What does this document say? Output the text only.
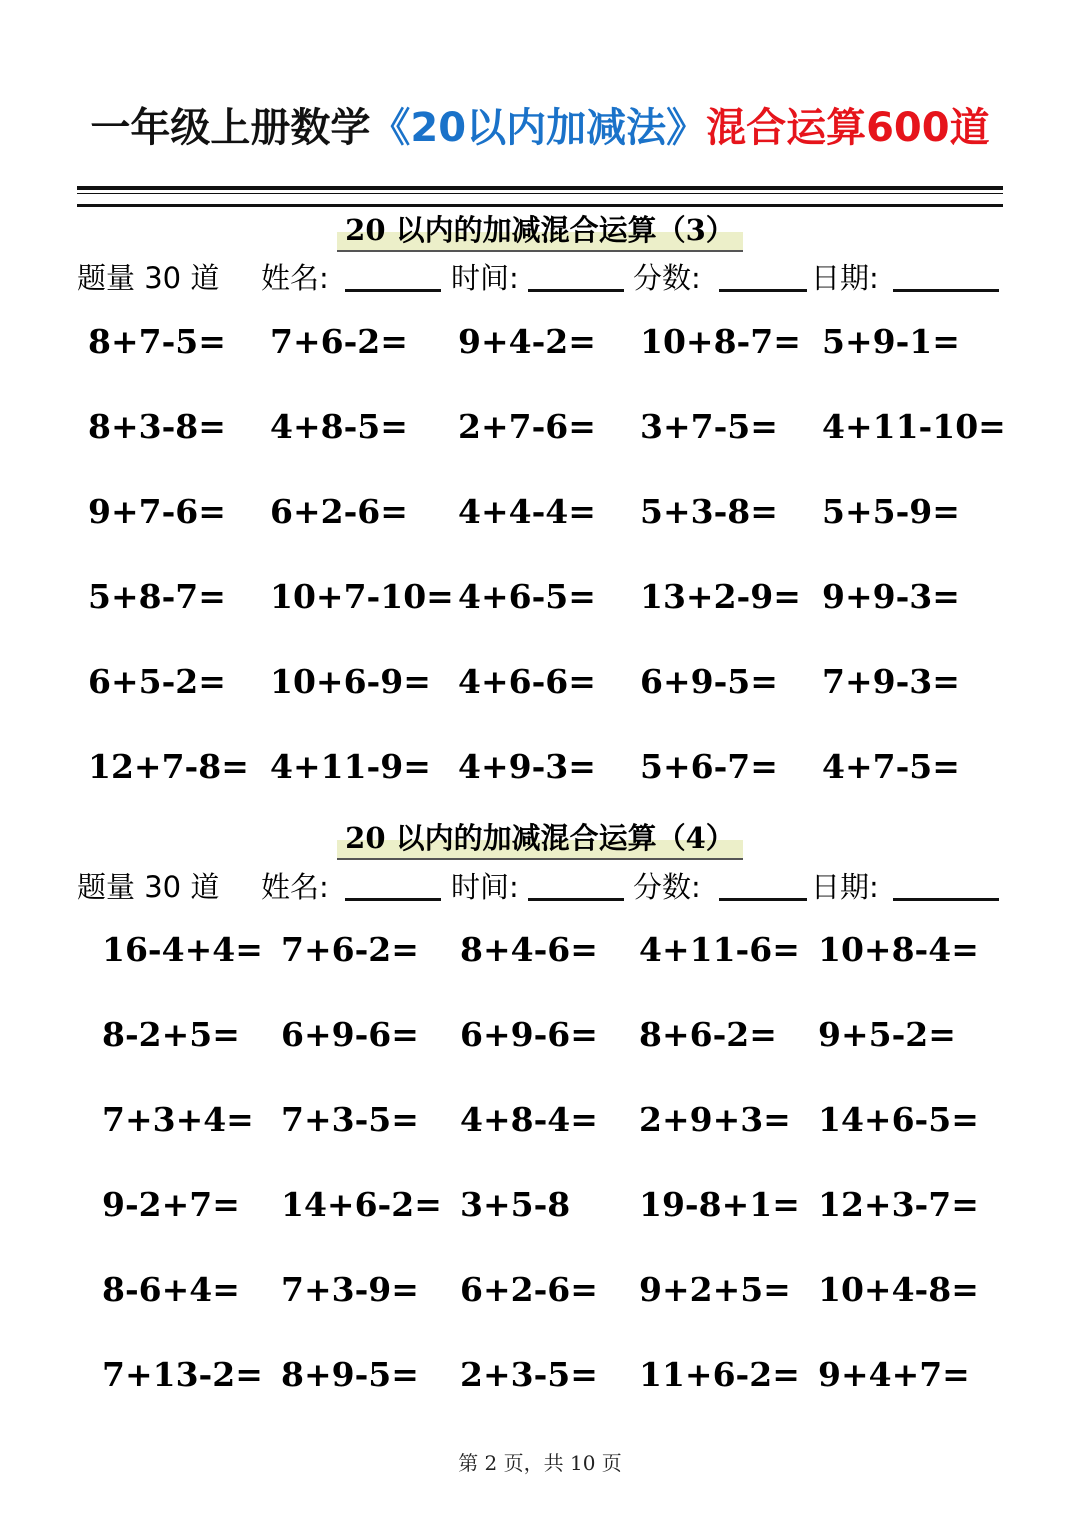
一年级上册数学《20以内加减法》混合运算600道
第 2 页，共 10 页
20 以内的加减混合运算（3）
题量 30 道 姓名:	时间:	分数:	日期:
8+7-5= 7+6-2= 9+4-2= 10+8-7= 5+9-1=
8+3-8= 4+8-5= 2+7-6= 3+7-5= 4+11-10=
9+7-6= 6+2-6= 4+4-4= 5+3-8= 5+5-9=
5+8-7= 10+7-10= 4+6-5= 13+2-9= 9+9-3=
6+5-2= 10+6-9= 4+6-6= 6+9-5= 7+9-3=
12+7-8= 4+11-9= 4+9-3= 5+6-7= 4+7-5=
20 以内的加减混合运算（4）
题量 30 道 姓名:	时间:	分数:	日期:
16-4+4= 7+6-2= 8+4-6= 4+11-6= 10+8-4=
8-2+5= 6+9-6= 6+9-6= 8+6-2= 9+5-2=
7+3+4= 7+3-5= 4+8-4= 2+9+3= 14+6-5=
9-2+7= 14+6-2= 3+5-8 19-8+1= 12+3-7=
8-6+4= 7+3-9= 6+2-6= 9+2+5= 10+4-8=
7+13-2= 8+9-5= 2+3-5= 11+6-2= 9+4+7=
